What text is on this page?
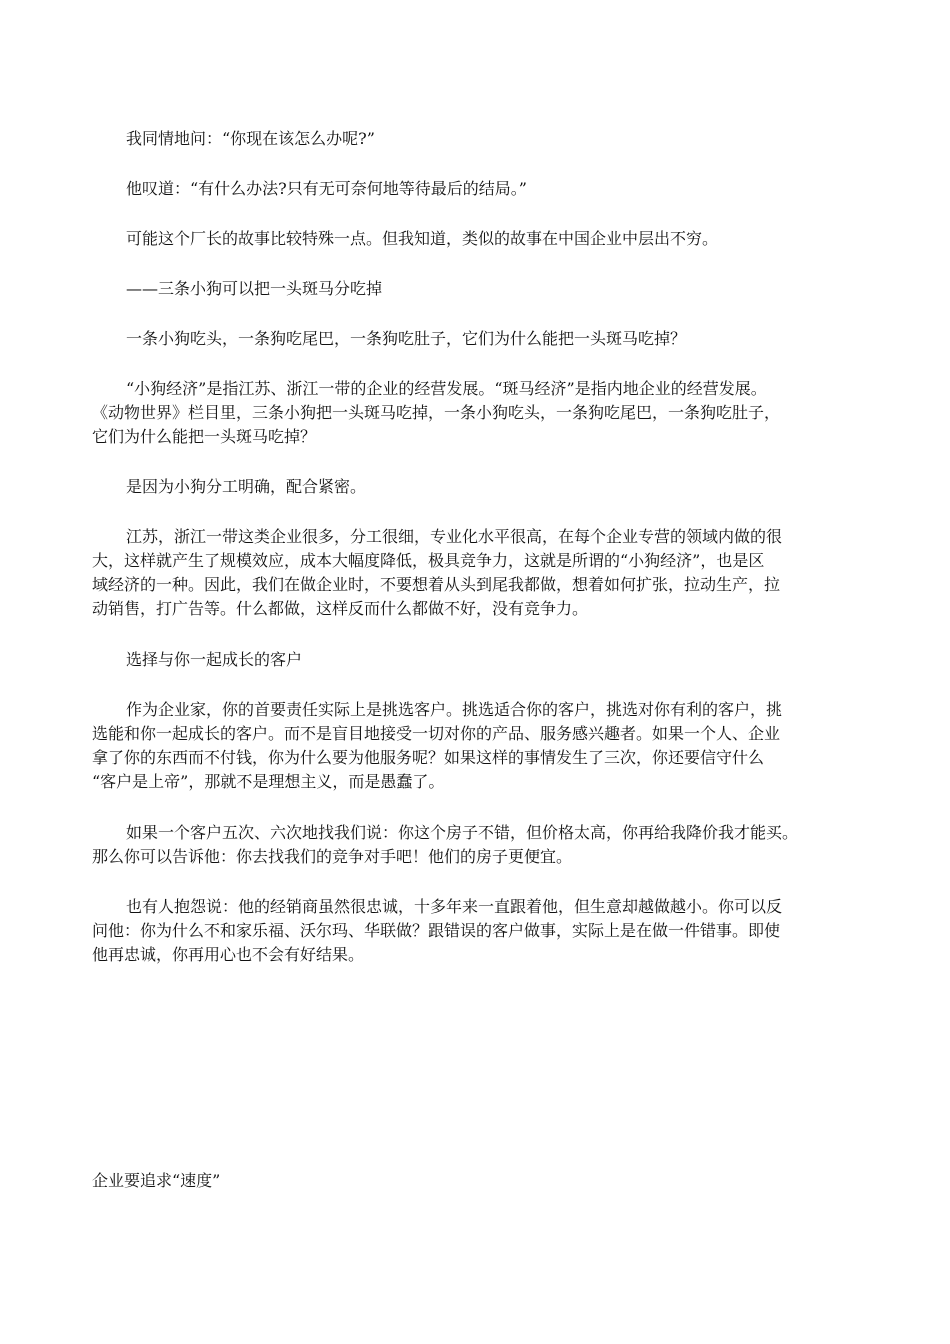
我同情地问：“你现在该怎么办呢?”

他叹道：“有什么办法?只有无可奈何地等待最后的结局。”

可能这个厂长的故事比较特殊一点。但我知道，类似的故事在中国企业中层出不穷。

——三条小狗可以把一头斑马分吃掉

一条小狗吃头，一条狗吃尾巴，一条狗吃肚子，它们为什么能把一头斑马吃掉？

“小狗经济”是指江苏、浙江一带的企业的经营发展。“斑马经济”是指内地企业的经营发展。

《动物世界》栏目里，三条小狗把一头斑马吃掉，一条小狗吃头，一条狗吃尾巴，一条狗吃肚子，

它们为什么能把一头斑马吃掉？

是因为小狗分工明确，配合紧密。

江苏，浙江一带这类企业很多，分工很细，专业化水平很高，在每个企业专营的领域内做的很

大，这样就产生了规模效应，成本大幅度降低，极具竞争力，这就是所谓的“小狗经济”，也是区

域经济的一种。因此，我们在做企业时，不要想着从头到尾我都做，想着如何扩张，拉动生产，拉

动销售，打广告等。什么都做，这样反而什么都做不好，没有竞争力。

选择与你一起成长的客户

作为企业家，你的首要责任实际上是挑选客户。挑选适合你的客户，挑选对你有利的客户，挑

选能和你一起成长的客户。而不是盲目地接受一切对你的产品、服务感兴趣者。如果一个人、企业

拿了你的东西而不付钱，你为什么要为他服务呢？如果这样的事情发生了三次，你还要信守什么

“客户是上帝”，那就不是理想主义，而是愚蠢了。

如果一个客户五次、六次地找我们说：你这个房子不错，但价格太高，你再给我降价我才能买。

那么你可以告诉他：你去找我们的竞争对手吧！他们的房子更便宜。

也有人抱怨说：他的经销商虽然很忠诚，十多年来一直跟着他，但生意却越做越小。你可以反

问他：你为什么不和家乐福、沃尔玛、华联做？跟错误的客户做事，实际上是在做一件错事。即使

他再忠诚，你再用心也不会有好结果。

企业要追求“速度”
